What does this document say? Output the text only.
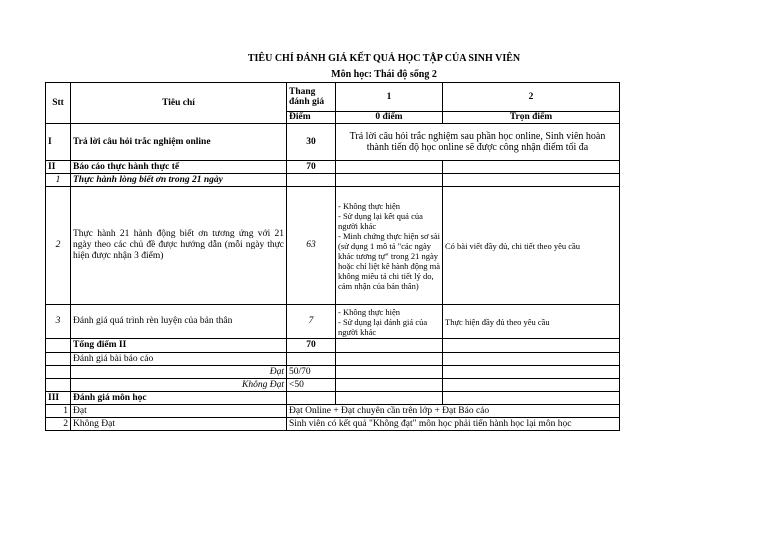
TIÊU CHÍ ĐÁNH GIÁ KẾT QUẢ HỌC TẬP CỦA SINH VIÊN
Môn học: Thái độ sống 2
Stt	Tiêu chí	Thang đánh giá	1	2
		Điểm	0 điểm	Trọn điểm
I	Trả lời câu hỏi trắc nghiệm online	30	Trả lời câu hỏi trắc nghiệm sau phần học online, Sinh viên hoàn thành tiến độ học online sẽ được công nhận điểm tối đa	
II	Báo cáo thực hành thực tế	70		
1	Thực hành lòng biết ơn trong 21 ngày			
2	Thực hành 21 hành động biết ơn tương ứng với 21 ngày theo các chủ đề được hướng dẫn (mỗi ngày thực hiện được nhận 3 điểm)	63	- Không thực hiện
- Sử dụng lại kết quả của người khác
- Minh chứng thực hiện sơ sài (sử dụng 1 mô tả "các ngày khác tương tự" trong 21 ngày hoặc chỉ liệt kê hành động mà không miêu tả chi tiết lý do, cảm nhận của bản thân)	Có bài viết đầy đủ, chi tiết theo yêu cầu
3	Đánh giá quá trình rèn luyện của bản thân	7	- Không thực hiện
- Sử dụng lại đánh giá của người khác	Thực hiện đầy đủ theo yêu cầu
	Tổng điểm II	70		
	Đánh giá bài báo cáo			
	Đạt	50/70		
	Không Đạt	<50		
III	Đánh giá môn học			
1	Đạt	Đạt Online + Đạt chuyên cần trên lớp + Đạt Báo cáo		
2	Không Đạt	Sinh viên có kết quả "Không đạt" môn học phải tiến hành học lại môn học		
